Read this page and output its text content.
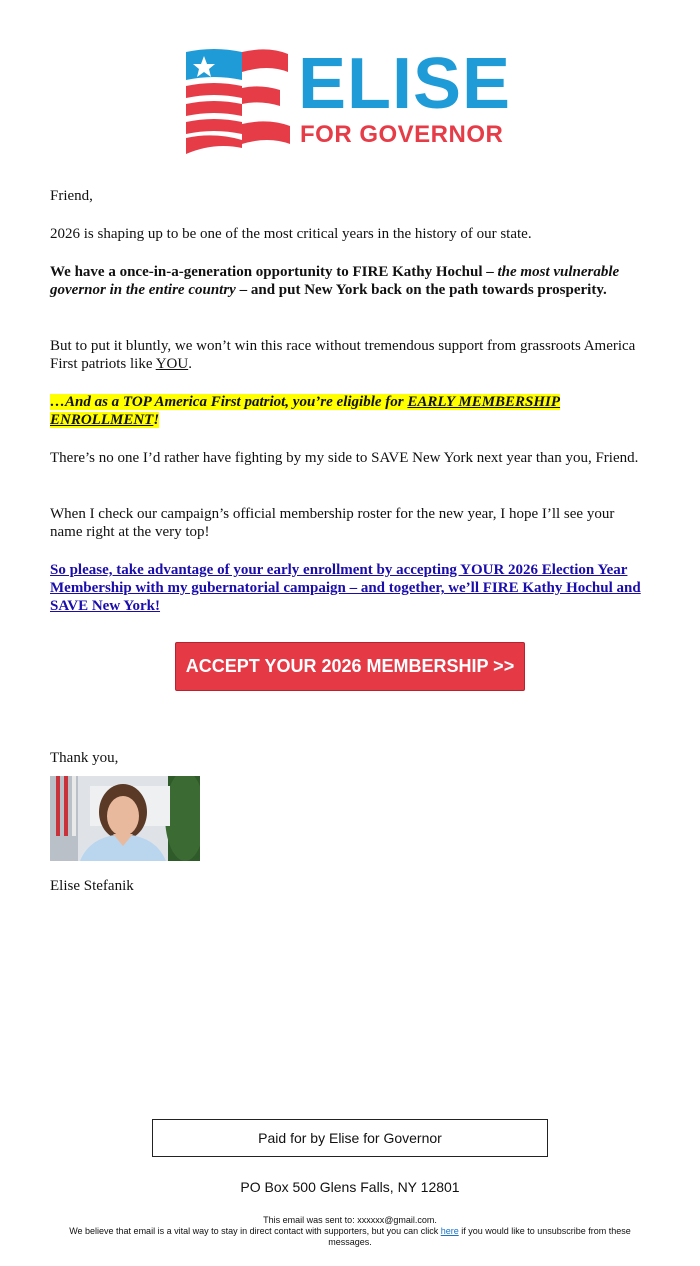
ELISE
FOR GOVERNOR

Friend,

2026 is shaping up to be one of the most critical years in the history of our state.

We have a once-in-a-generation opportunity to FIRE Kathy Hochul – the most vulnerable governor in the entire country – and put New York back on the path towards prosperity.

But to put it bluntly, we won’t win this race without tremendous support from grassroots America First patriots like YOU.

…And as a TOP America First patriot, you’re eligible for EARLY MEMBERSHIP ENROLLMENT!

There’s no one I’d rather have fighting by my side to SAVE New York next year than you, Friend.

When I check our campaign’s official membership roster for the new year, I hope I’ll see your name right at the very top!

So please, take advantage of your early enrollment by accepting YOUR 2026 Election Year Membership with my gubernatorial campaign – and together, we’ll FIRE Kathy Hochul and SAVE New York!

ACCEPT YOUR 2026 MEMBERSHIP >>

Thank you,

Elise Stefanik

Paid for by Elise for Governor
PO Box 500 Glens Falls, NY 12801
This email was sent to: xxxxxx@gmail.com.
We believe that email is a vital way to stay in direct contact with supporters, but you can click here if you would like to unsubscribe from these messages.
